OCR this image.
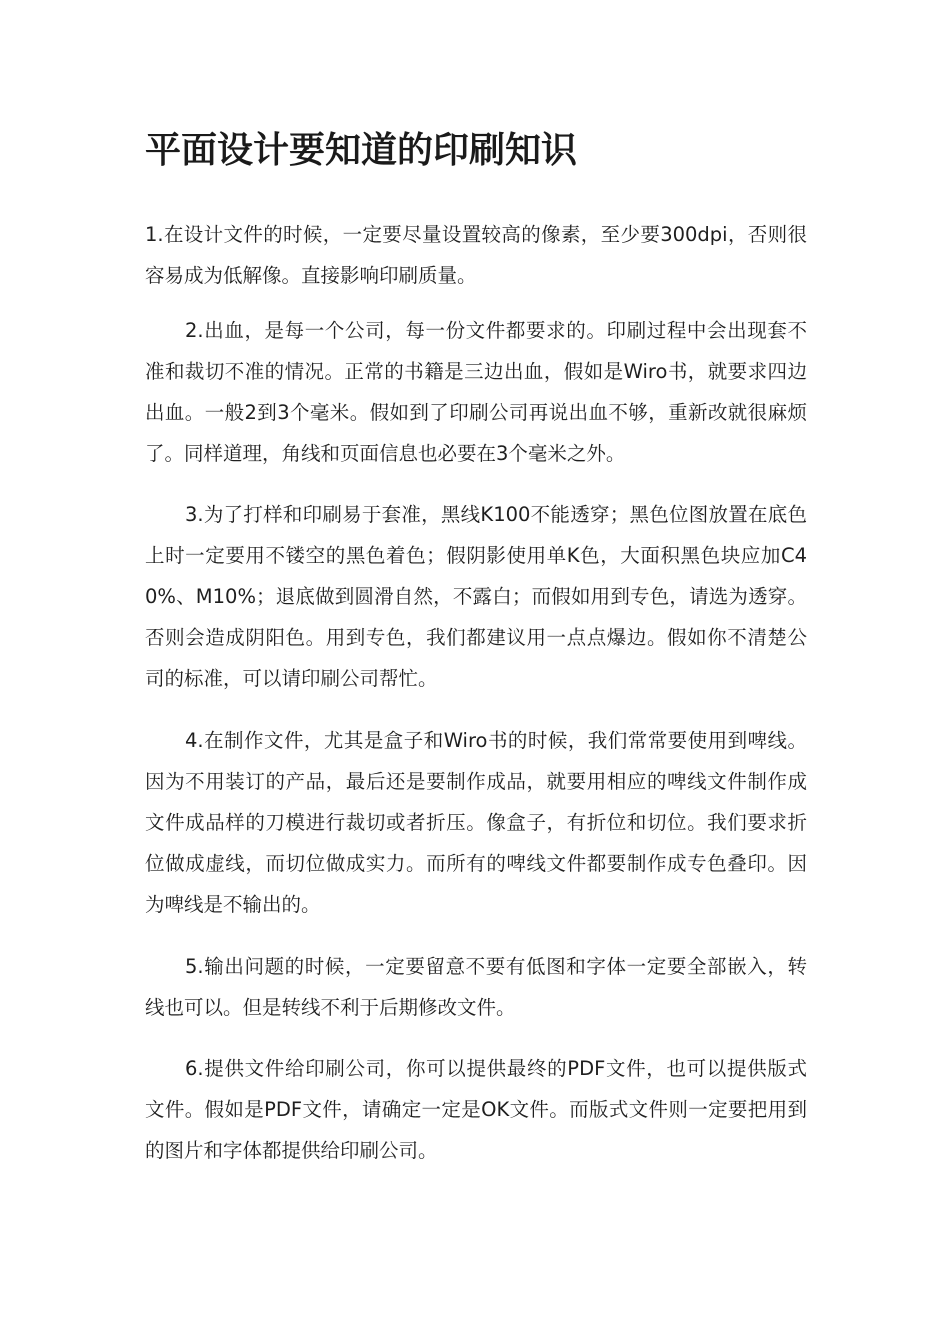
平面设计要知道的印刷知识

1.在设计文件的时候，一定要尽量设置较高的像素，至少要300dpi，否则很容易成为低解像。直接影响印刷质量。

2.出血，是每一个公司，每一份文件都要求的。印刷过程中会出现套不准和裁切不准的情况。正常的书籍是三边出血，假如是Wiro书，就要求四边出血。一般2到3个毫米。假如到了印刷公司再说出血不够，重新改就很麻烦了。同样道理，角线和页面信息也必要在3个毫米之外。

3.为了打样和印刷易于套准，黑线K100不能透穿；黑色位图放置在底色上时一定要用不镂空的黑色着色；假阴影使用单K色，大面积黑色块应加C40%、M10%；退底做到圆滑自然，不露白；而假如用到专色，请选为透穿。否则会造成阴阳色。用到专色，我们都建议用一点点爆边。假如你不清楚公司的标准，可以请印刷公司帮忙。

4.在制作文件，尤其是盒子和Wiro书的时候，我们常常要使用到啤线。因为不用装订的产品，最后还是要制作成品，就要用相应的啤线文件制作成文件成品样的刀模进行裁切或者折压。像盒子，有折位和切位。我们要求折位做成虚线，而切位做成实力。而所有的啤线文件都要制作成专色叠印。因为啤线是不输出的。

5.输出问题的时候，一定要留意不要有低图和字体一定要全部嵌入，转线也可以。但是转线不利于后期修改文件。

6.提供文件给印刷公司，你可以提供最终的PDF文件，也可以提供版式文件。假如是PDF文件，请确定一定是OK文件。而版式文件则一定要把用到的图片和字体都提供给印刷公司。
